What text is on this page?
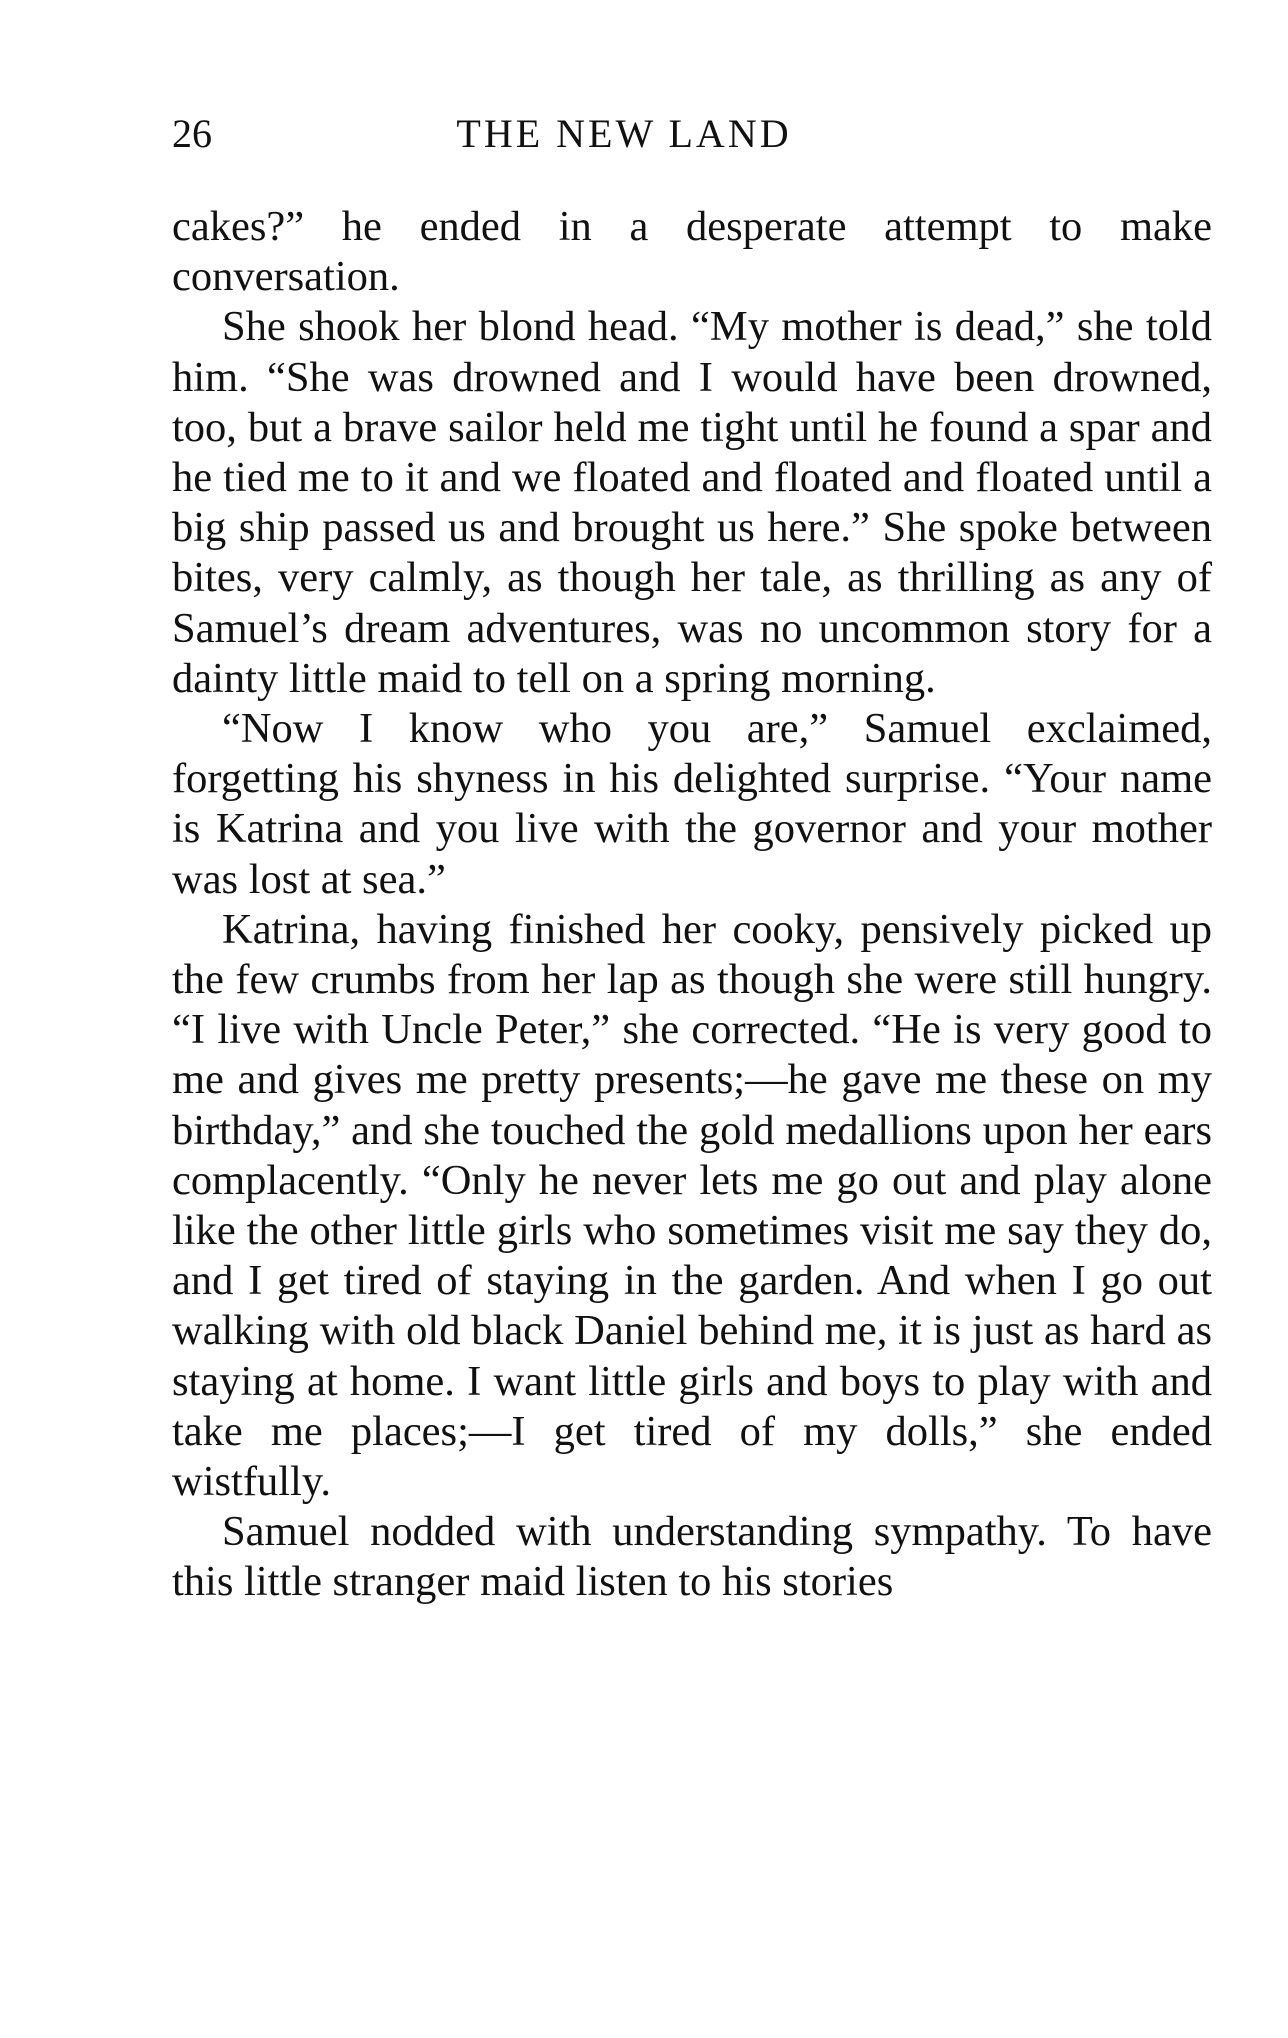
26	THE NEW LAND

cakes?” he ended in a desperate attempt to make conversation.

She shook her blond head. “My mother is dead,” she told him. “She was drowned and I would have been drowned, too, but a brave sailor held me tight until he found a spar and he tied me to it and we floated and floated and floated until a big ship passed us and brought us here.” She spoke between bites, very calmly, as though her tale, as thrilling as any of Samuel’s dream adventures, was no uncommon story for a dainty little maid to tell on a spring morning.

“Now I know who you are,” Samuel exclaimed, forgetting his shyness in his delighted surprise. “Your name is Katrina and you live with the governor and your mother was lost at sea.”

Katrina, having finished her cooky, pensively picked up the few crumbs from her lap as though she were still hungry. “I live with Uncle Peter,” she corrected. “He is very good to me and gives me pretty presents;—he gave me these on my birthday,” and she touched the gold medallions upon her ears complacently. “Only he never lets me go out and play alone like the other little girls who sometimes visit me say they do, and I get tired of staying in the garden. And when I go out walking with old black Daniel behind me, it is just as hard as staying at home. I want little girls and boys to play with and take me places;—I get tired of my dolls,” she ended wistfully.

Samuel nodded with understanding sympathy. To have this little stranger maid listen to his stories
